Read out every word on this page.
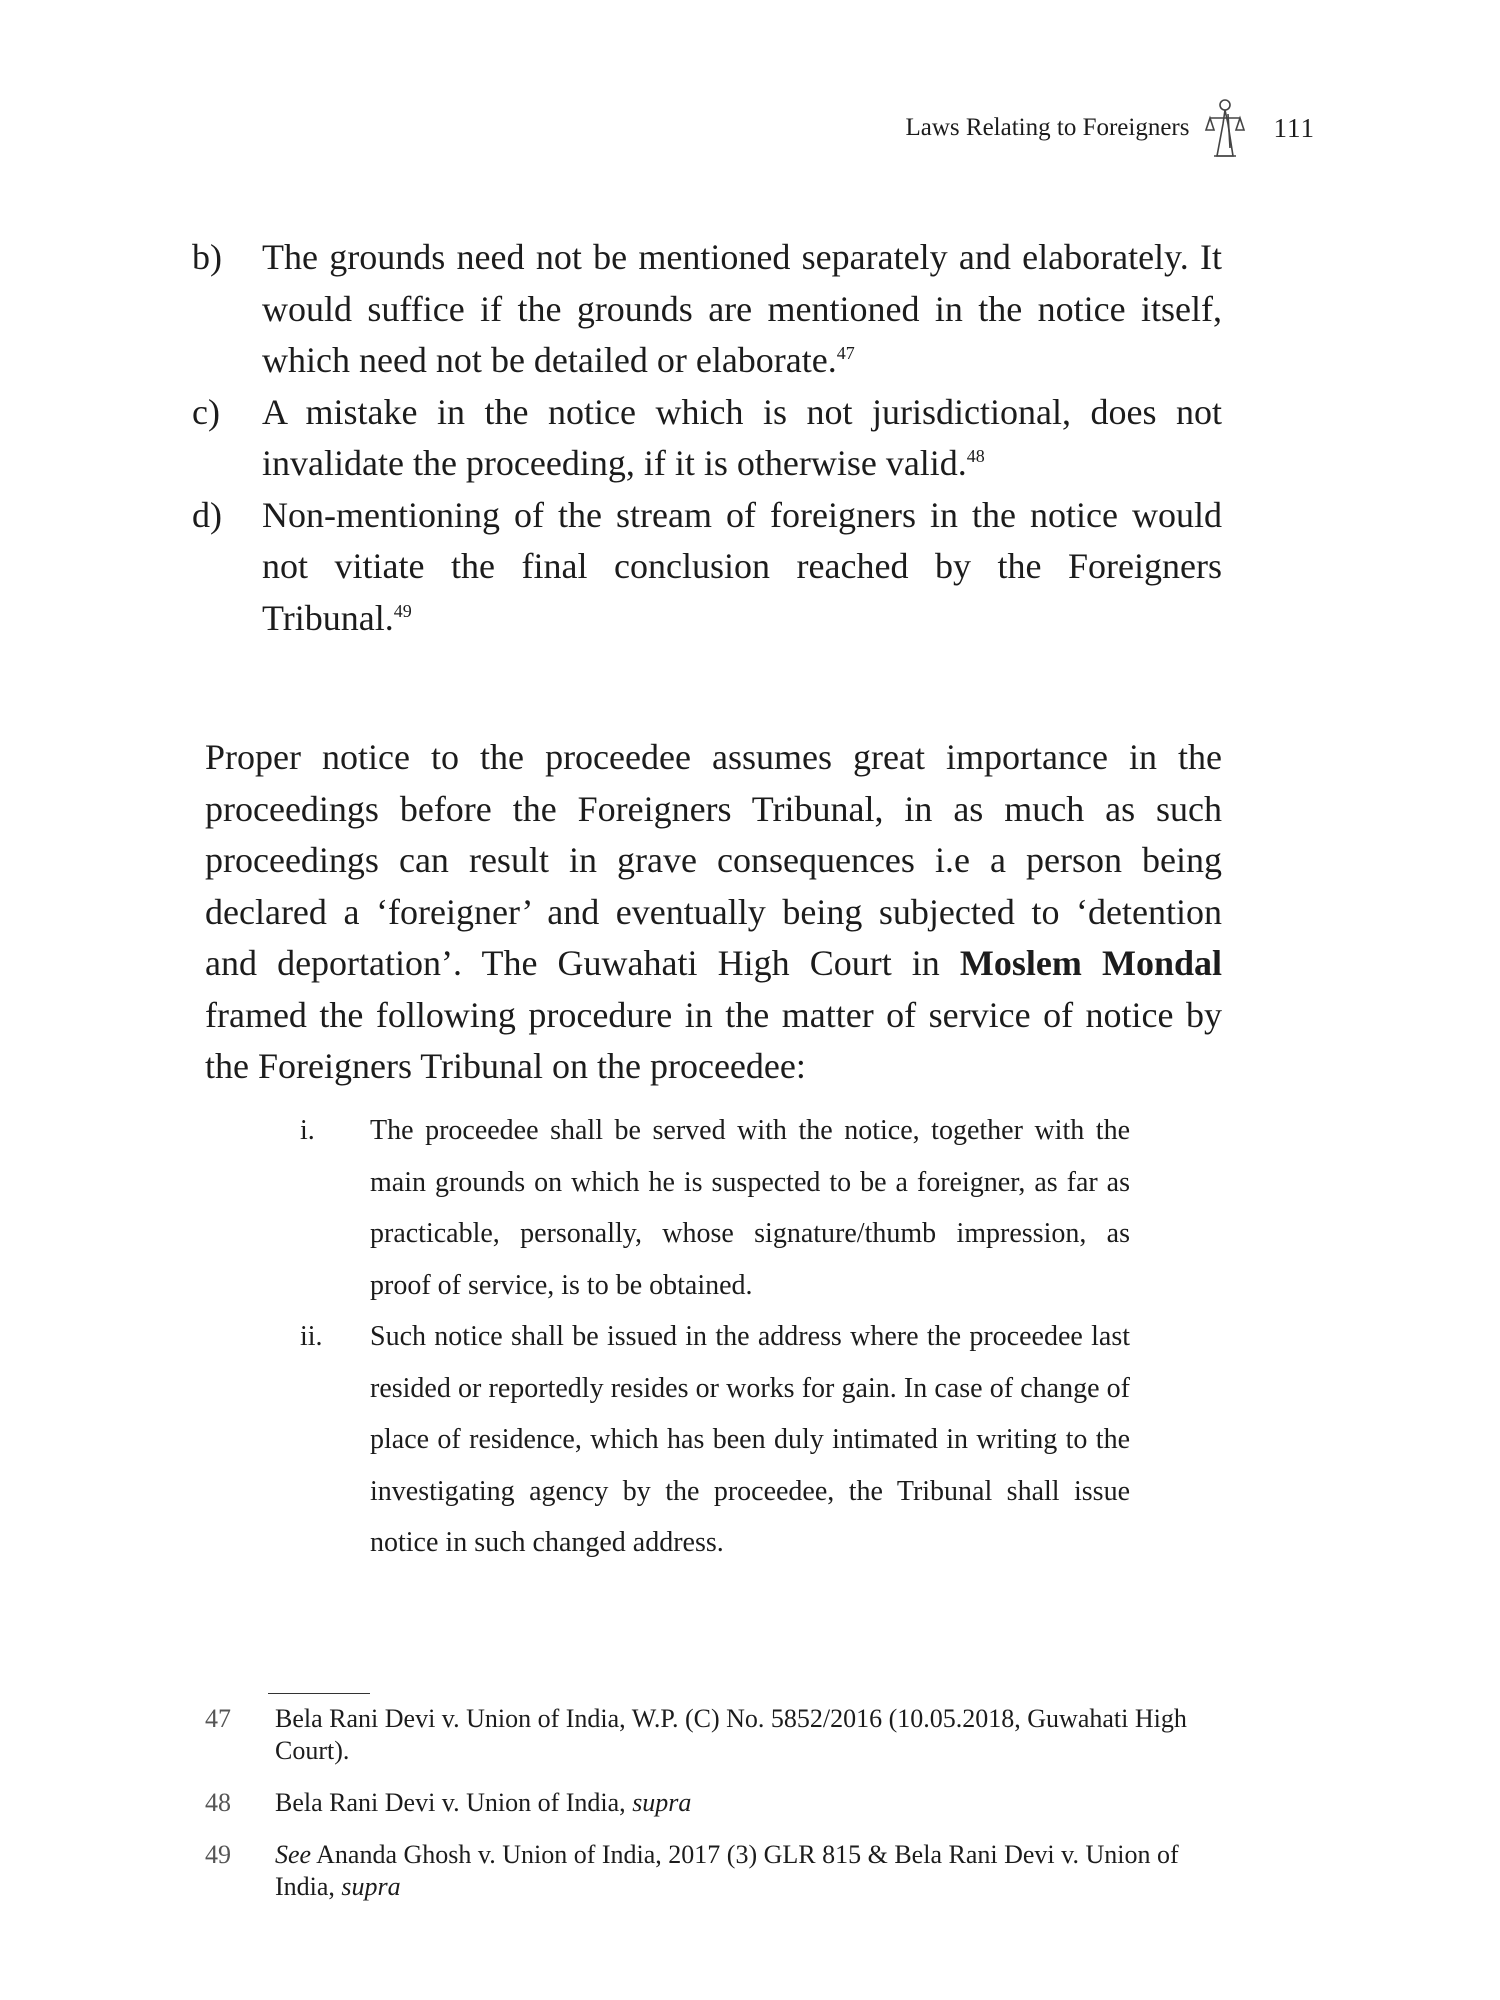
Laws Relating to Foreigners	111
b)	The grounds need not be mentioned separately and elaborately. It would suffice if the grounds are mentioned in the notice itself, which need not be detailed or elaborate.$^{47}$
c)	A mistake in the notice which is not jurisdictional, does not invalidate the proceeding, if it is otherwise valid.$^{48}$
d)	Non-mentioning of the stream of foreigners in the notice would not vitiate the final conclusion reached by the Foreigners Tribunal.$^{49}$

Proper notice to the proceedee assumes great importance in the proceedings before the Foreigners Tribunal, in as much as such proceedings can result in grave consequences i.e a person being declared a ‘foreigner’ and eventually being subjected to ‘detention and deportation’. The Guwahati High Court in Moslem Mondal framed the following procedure in the matter of service of notice by the Foreigners Tribunal on the proceedee:

i.	The proceedee shall be served with the notice, together with the main grounds on which he is suspected to be a foreigner, as far as practicable, personally, whose signature/thumb impression, as proof of service, is to be obtained.
ii.	Such notice shall be issued in the address where the proceedee last resided or reportedly resides or works for gain. In case of change of place of residence, which has been duly intimated in writing to the investigating agency by the proceedee, the Tribunal shall issue notice in such changed address.
47	Bela Rani Devi v. Union of India, W.P. (C) No. 5852/2016 (10.05.2018, Guwahati High Court).
48	Bela Rani Devi v. Union of India, supra
49	See Ananda Ghosh v. Union of India, 2017 (3) GLR 815 & Bela Rani Devi v. Union of India, supra
